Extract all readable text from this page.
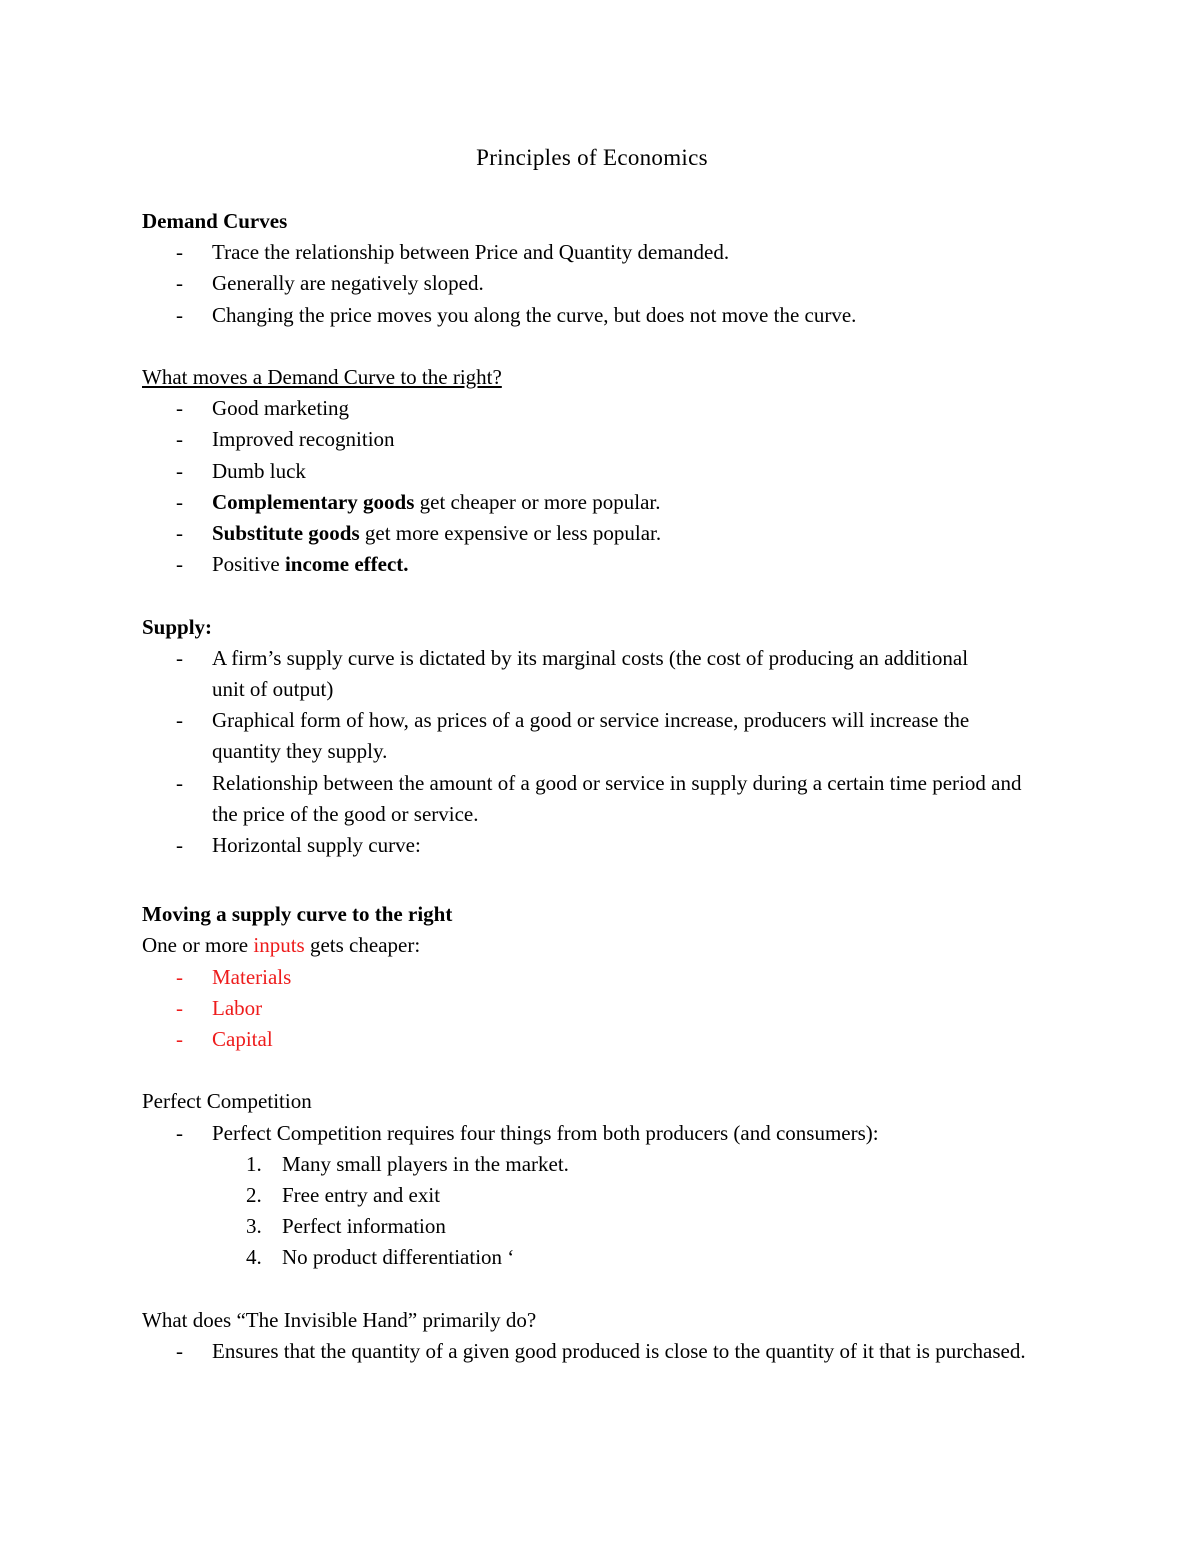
Principles of Economics
Demand Curves
- Trace the relationship between Price and Quantity demanded.
- Generally are negatively sloped.
- Changing the price moves you along the curve, but does not move the curve.
What moves a Demand Curve to the right?
- Good marketing
- Improved recognition
- Dumb luck
- Complementary goods get cheaper or more popular.
- Substitute goods get more expensive or less popular.
- Positive income effect.
Supply:
- A firm’s supply curve is dictated by its marginal costs (the cost of producing an additional unit of output)
- Graphical form of how, as prices of a good or service increase, producers will increase the quantity they supply.
- Relationship between the amount of a good or service in supply during a certain time period and the price of the good or service.
- Horizontal supply curve:
Moving a supply curve to the right
One or more inputs gets cheaper:
- Materials
- Labor
- Capital
Perfect Competition
- Perfect Competition requires four things from both producers (and consumers):
1. Many small players in the market.
2. Free entry and exit
3. Perfect information
4. No product differentiation ‘
What does “The Invisible Hand” primarily do?
- Ensures that the quantity of a given good produced is close to the quantity of it that is purchased.
